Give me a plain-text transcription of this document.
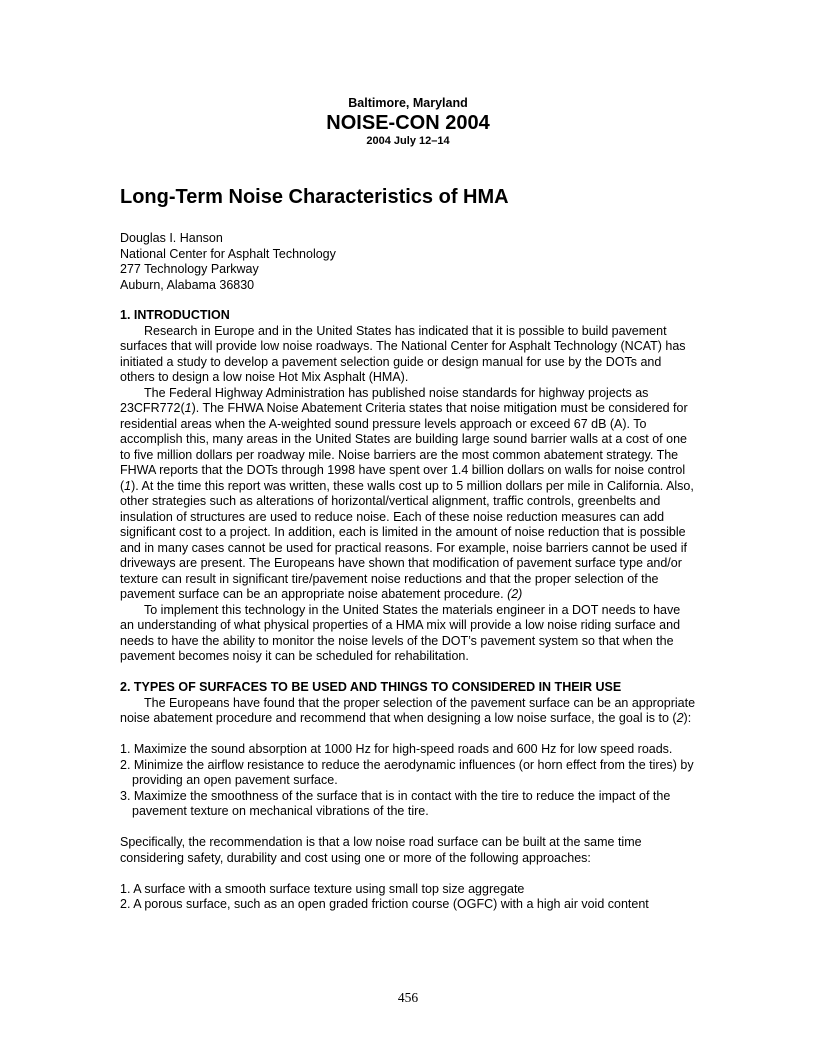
Baltimore, Maryland
NOISE-CON 2004
2004 July 12–14
Long-Term Noise Characteristics of HMA
Douglas I. Hanson
National Center for Asphalt Technology
277 Technology Parkway
Auburn, Alabama 36830

1. INTRODUCTION

Research in Europe and in the United States has indicated that it is possible to build pavement surfaces that will provide low noise roadways. The National Center for Asphalt Technology (NCAT) has initiated a study to develop a pavement selection guide or design manual for use by the DOTs and others to design a low noise Hot Mix Asphalt (HMA).

The Federal Highway Administration has published noise standards for highway projects as 23CFR772(1). The FHWA Noise Abatement Criteria states that noise mitigation must be considered for residential areas when the A-weighted sound pressure levels approach or exceed 67 dB (A). To accomplish this, many areas in the United States are building large sound barrier walls at a cost of one to five million dollars per roadway mile. Noise barriers are the most common abatement strategy. The FHWA reports that the DOTs through 1998 have spent over 1.4 billion dollars on walls for noise control (1). At the time this report was written, these walls cost up to 5 million dollars per mile in California. Also, other strategies such as alterations of horizontal/vertical alignment, traffic controls, greenbelts and insulation of structures are used to reduce noise. Each of these noise reduction measures can add significant cost to a project. In addition, each is limited in the amount of noise reduction that is possible and in many cases cannot be used for practical reasons. For example, noise barriers cannot be used if driveways are present. The Europeans have shown that modification of pavement surface type and/or texture can result in significant tire/pavement noise reductions and that the proper selection of the pavement surface can be an appropriate noise abatement procedure. (2)

To implement this technology in the United States the materials engineer in a DOT needs to have an understanding of what physical properties of a HMA mix will provide a low noise riding surface and needs to have the ability to monitor the noise levels of the DOT’s pavement system so that when the pavement becomes noisy it can be scheduled for rehabilitation.

2. TYPES OF SURFACES TO BE USED AND THINGS TO CONSIDERED IN THEIR USE

The Europeans have found that the proper selection of the pavement surface can be an appropriate noise abatement procedure and recommend that when designing a low noise surface, the goal is to (2):

1. Maximize the sound absorption at 1000 Hz for high-speed roads and 600 Hz for low speed roads.

2. Minimize the airflow resistance to reduce the aerodynamic influences (or horn effect from the tires) by providing an open pavement surface.

3. Maximize the smoothness of the surface that is in contact with the tire to reduce the impact of the pavement texture on mechanical vibrations of the tire.

Specifically, the recommendation is that a low noise road surface can be built at the same time considering safety, durability and cost using one or more of the following approaches:

1. A surface with a smooth surface texture using small top size aggregate

2. A porous surface, such as an open graded friction course (OGFC) with a high air void content

456
